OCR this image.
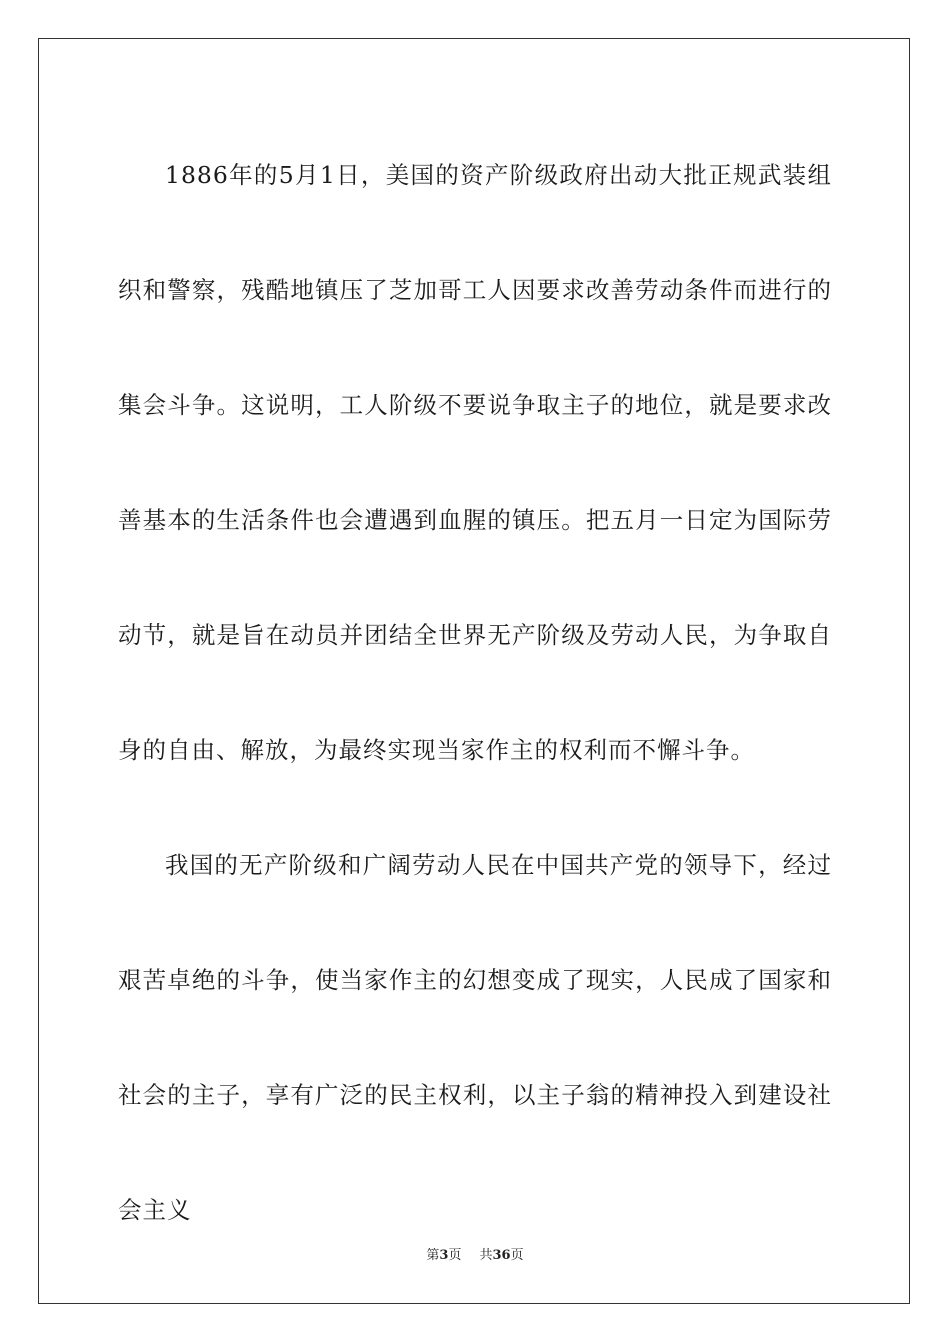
1886年的5月1日，美国的资产阶级政府出动大批正规武装组织和警察，残酷地镇压了芝加哥工人因要求改善劳动条件而进行的集会斗争。这说明，工人阶级不要说争取主子的地位，就是要求改善基本的生活条件也会遭遇到血腥的镇压。把五月一日定为国际劳动节，就是旨在动员并团结全世界无产阶级及劳动人民，为争取自身的自由、解放，为最终实现当家作主的权利而不懈斗争。

我国的无产阶级和广阔劳动人民在中国共产党的领导下，经过艰苦卓绝的斗争，使当家作主的幻想变成了现实，人民成了国家和社会的主子，享有广泛的民主权利，以主子翁的精神投入到建设社会主义

第3页 共36页
